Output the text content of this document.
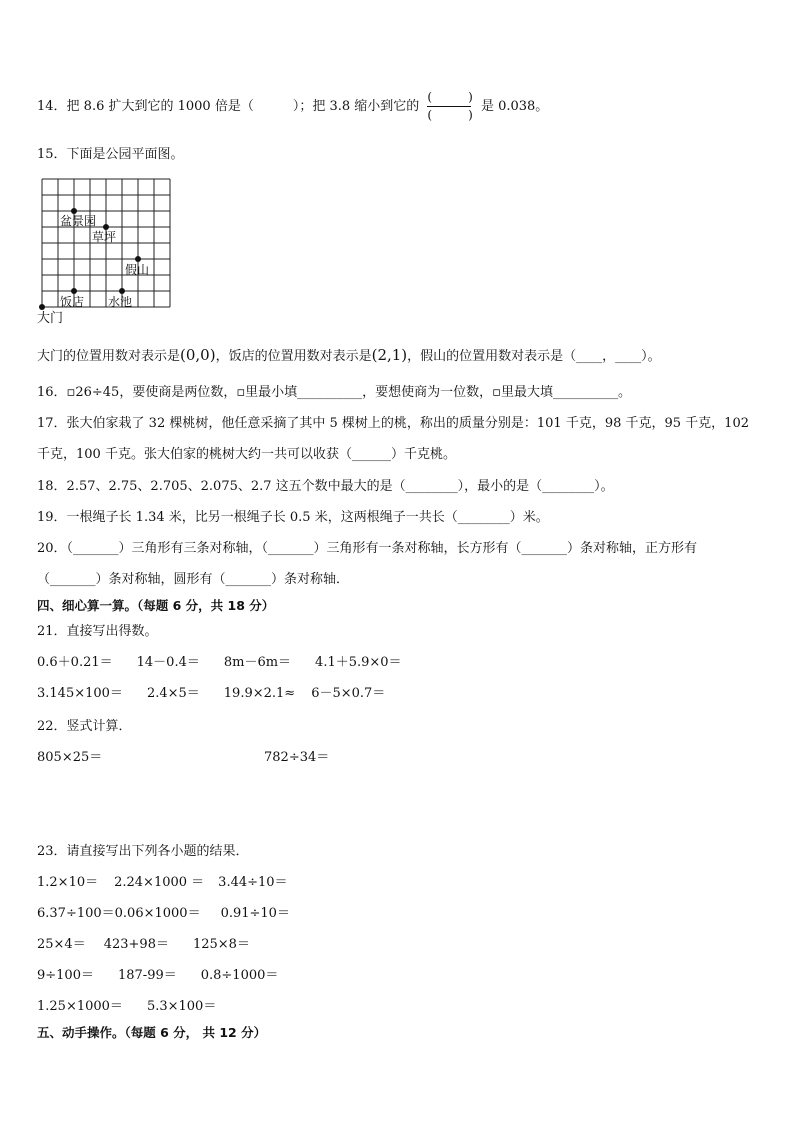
14．把 8.6 扩大到它的 1000 倍是（　　　）；把 3.8 缩小到它的 $\frac{( )}{( )}$ 是 0.038。
15．下面是公园平面图。
盆景园
草坪
假山
饭店 水池
大门
大门的位置用数对表示是(0,0)，饭店的位置用数对表示是(2,1)，假山的位置用数对表示是（____，____）。
16．▫26÷45，要使商是两位数，▫里最小填__________，要想使商为一位数，▫里最大填__________。
17．张大伯家栽了 32 棵桃树，他任意采摘了其中 5 棵树上的桃，称出的质量分别是：101 千克，98 千克，95 千克，102
千克，100 千克。张大伯家的桃树大约一共可以收获（______）千克桃。
18．2.57、2.75、2.705、2.075、2.7 这五个数中最大的是（________），最小的是（________）。
19．一根绳子长 1.34 米，比另一根绳子长 0.5 米，这两根绳子一共长（________）米。
20．（_______）三角形有三条对称轴，（_______）三角形有一条对称轴，长方形有（_______）条对称轴，正方形有
（_______）条对称轴，圆形有（_______）条对称轴．
四、细心算一算。（每题 6 分，共 18 分）
21．直接写出得数。
0.6＋0.21＝ 14－0.4＝ 8m－6m＝ 4.1＋5.9×0＝
3.145×100＝ 2.4×5＝ 19.9×2.1≈ 6－5×0.7＝
22．竖式计算．
805×25＝	782÷34＝
23．请直接写出下列各小题的结果．
1.2×10＝ 2.24×1000 ＝ 3.44÷10＝
6.37÷100＝0.06×1000＝ 0.91÷10＝
25×4＝ 423+98＝ 125×8＝
9÷100＝ 187-99＝ 0.8÷1000＝
1.25×1000＝ 5.3×100＝
五、动手操作。（每题 6 分， 共 12 分）
